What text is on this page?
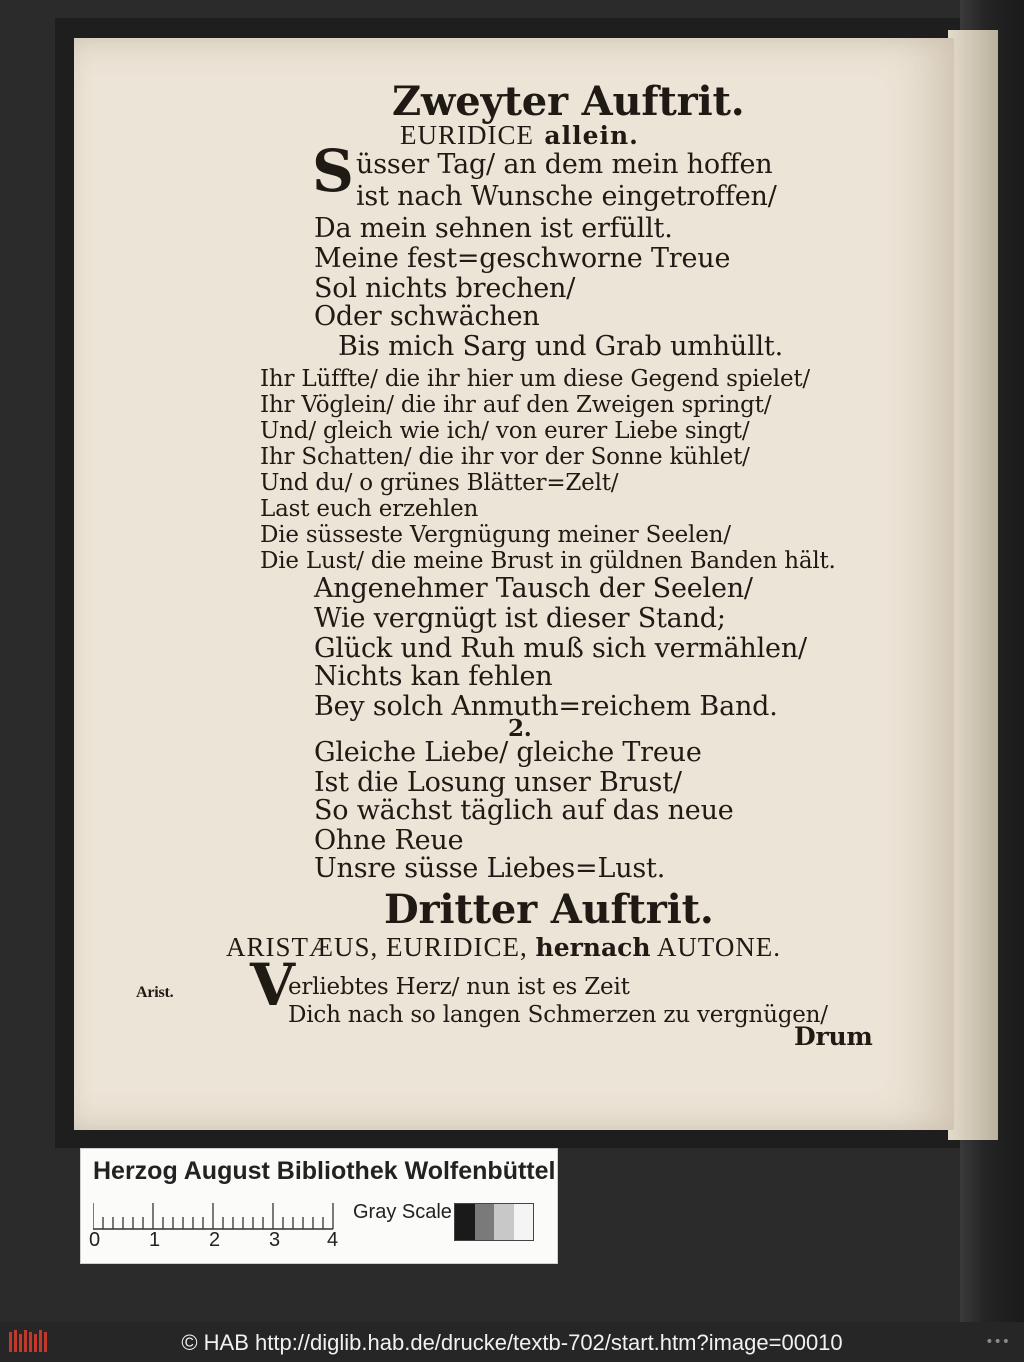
Zweyter Auftrit.
EURIDICE allein.
S üsser Tag/ an dem mein hoffen
ist nach Wunsche eingetroffen/
Da mein sehnen ist erfüllt.
Meine fest=geschworne Treue
Sol nichts brechen/
Oder schwächen
Bis mich Sarg und Grab umhüllt.
Ihr Lüffte/ die ihr hier um diese Gegend spielet/
Ihr Vöglein/ die ihr auf den Zweigen springt/
Und/ gleich wie ich/ von eurer Liebe singt/
Ihr Schatten/ die ihr vor der Sonne kühlet/
Und du/ o grünes Blätter=Zelt/
Last euch erzehlen
Die süsseste Vergnügung meiner Seelen/
Die Lust/ die meine Brust in güldnen Banden hält.
Angenehmer Tausch der Seelen/
Wie vergnügt ist dieser Stand;
Glück und Ruh muß sich vermählen/
Nichts kan fehlen
Bey solch Anmuth=reichem Band.
2.
Gleiche Liebe/ gleiche Treue
Ist die Losung unser Brust/
So wächst täglich auf das neue
Ohne Reue
Unsre süsse Liebes=Lust.
Dritter Auftrit.
ARISTÆUS, EURIDICE, hernach AUTONE.
Arist. V
erliebtes Herz/ nun ist es Zeit
Dich nach so langen Schmerzen zu vergnügen/
Drum
Herzog August Bibliothek Wolfenbüttel
0 1 2 3 4
Gray Scale
© HAB http://diglib.hab.de/drucke/textb-702/start.htm?image=00010	•••
